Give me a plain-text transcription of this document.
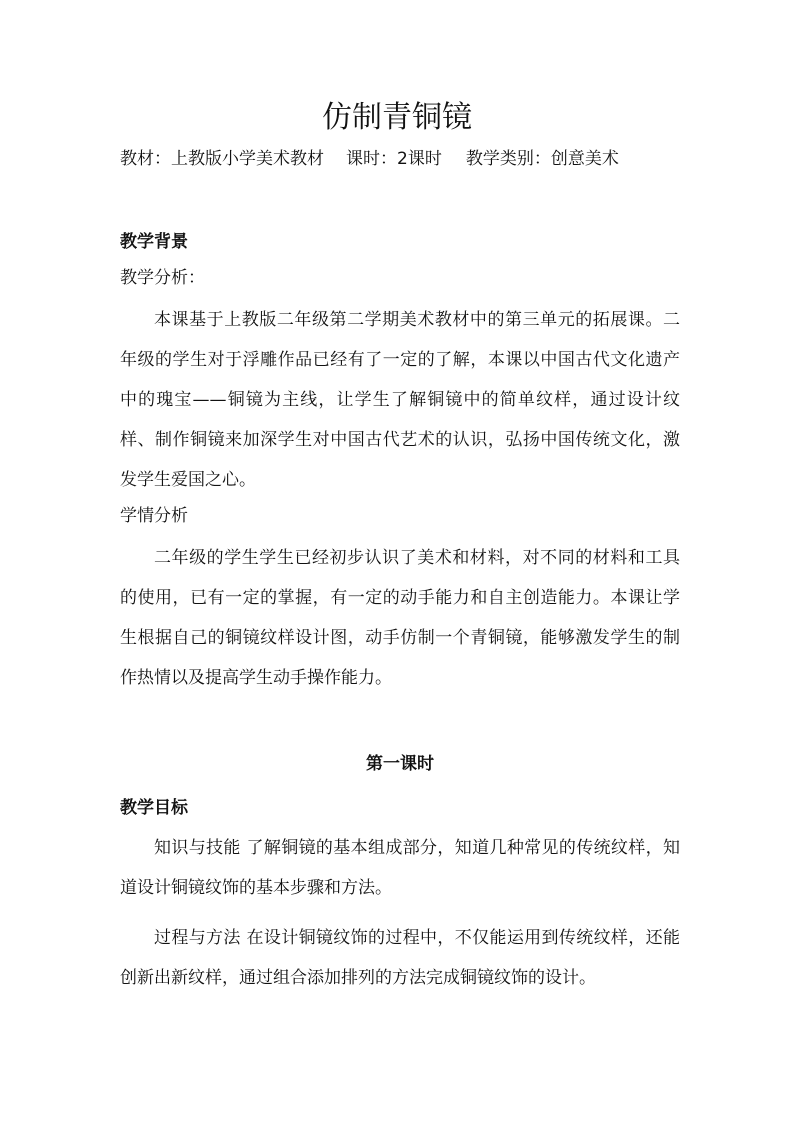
仿制青铜镜
教材：上教版小学美术教材 课时：2课时 教学类别：创意美术

教学背景

教学分析：

本课基于上教版二年级第二学期美术教材中的第三单元的拓展课。二年级的学生对于浮雕作品已经有了一定的了解，本课以中国古代文化遗产中的瑰宝——铜镜为主线，让学生了解铜镜中的简单纹样，通过设计纹样、制作铜镜来加深学生对中国古代艺术的认识，弘扬中国传统文化，激发学生爱国之心。

学情分析

二年级的学生学生已经初步认识了美术和材料，对不同的材料和工具的使用，已有一定的掌握，有一定的动手能力和自主创造能力。本课让学生根据自己的铜镜纹样设计图，动手仿制一个青铜镜，能够激发学生的制作热情以及提高学生动手操作能力。

第一课时

教学目标

知识与技能 了解铜镜的基本组成部分，知道几种常见的传统纹样，知道设计铜镜纹饰的基本步骤和方法。

过程与方法 在设计铜镜纹饰的过程中，不仅能运用到传统纹样，还能创新出新纹样，通过组合添加排列的方法完成铜镜纹饰的设计。
